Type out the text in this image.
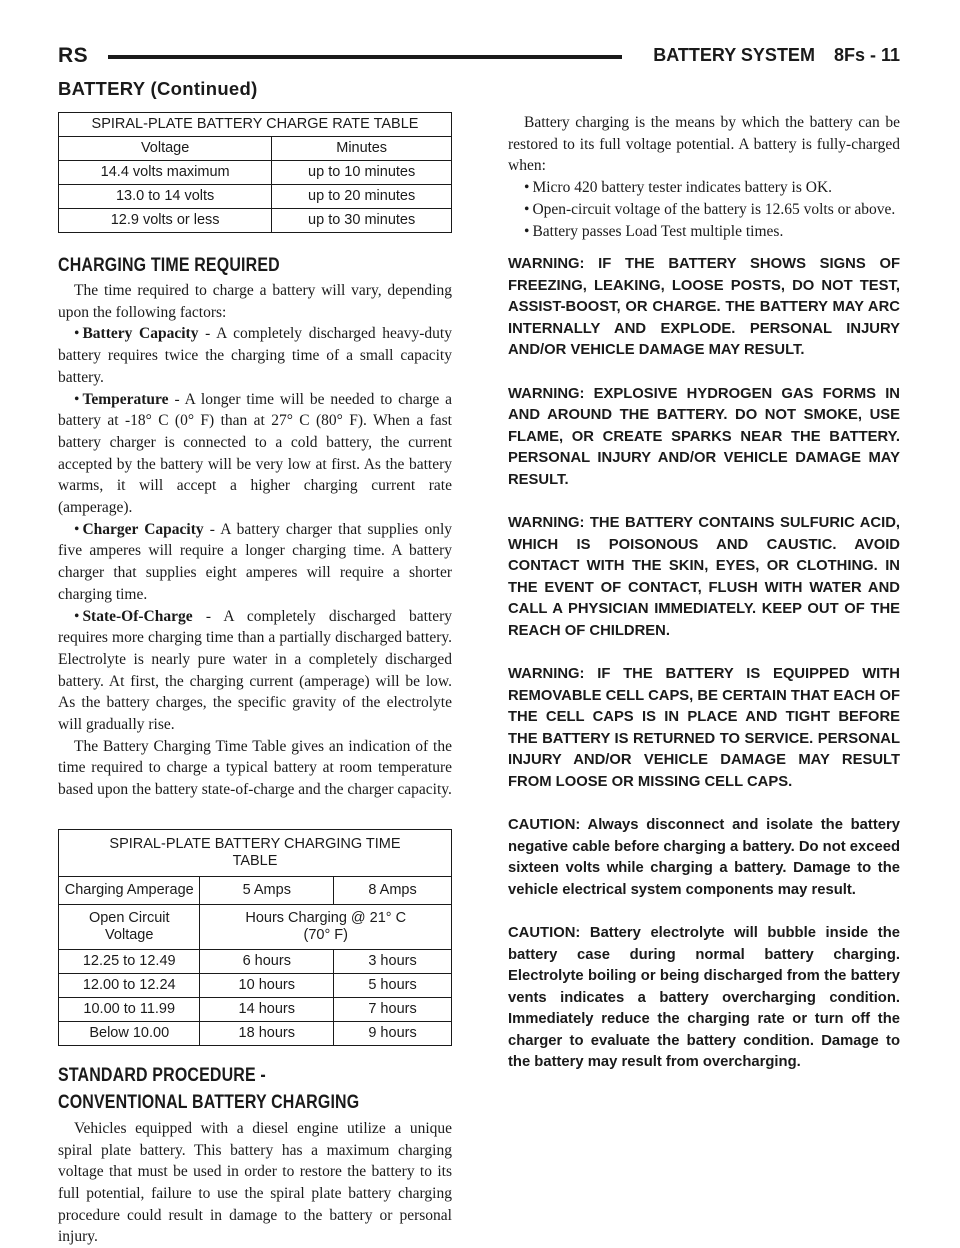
RS	BATTERY SYSTEM 8Fs - 11
BATTERY (Continued)
SPIRAL-PLATE BATTERY CHARGE RATE TABLE	
Voltage	Minutes
14.4 volts maximum	up to 10 minutes
13.0 to 14 volts	up to 20 minutes
12.9 volts or less	up to 30 minutes
CHARGING TIME REQUIRED

The time required to charge a battery will vary, depending upon the following factors:

• Battery Capacity - A completely discharged heavy-duty battery requires twice the charging time of a small capacity battery.

• Temperature - A longer time will be needed to charge a battery at -18° C (0° F) than at 27° C (80° F). When a fast battery charger is connected to a cold battery, the current accepted by the battery will be very low at first. As the battery warms, it will accept a higher charging current rate (amperage).

• Charger Capacity - A battery charger that supplies only five amperes will require a longer charging time. A battery charger that supplies eight amperes will require a shorter charging time.

• State-Of-Charge - A completely discharged battery requires more charging time than a partially discharged battery. Electrolyte is nearly pure water in a completely discharged battery. At first, the charging current (amperage) will be low. As the battery charges, the specific gravity of the electrolyte will gradually rise.

The Battery Charging Time Table gives an indication of the time required to charge a typical battery at room temperature based upon the battery state-of-charge and the charger capacity.

SPIRAL-PLATE BATTERY CHARGING TIME TABLE		
Charging Amperage	5 Amps	8 Amps
Open Circuit Voltage	Hours Charging @ 21° C (70° F)	
12.25 to 12.49	6 hours	3 hours
12.00 to 12.24	10 hours	5 hours
10.00 to 11.99	14 hours	7 hours
Below 10.00	18 hours	9 hours
STANDARD PROCEDURE - CONVENTIONAL BATTERY CHARGING

Vehicles equipped with a diesel engine utilize a unique spiral plate battery. This battery has a maximum charging voltage that must be used in order to restore the battery to its full potential, failure to use the spiral plate battery charging procedure could result in damage to the battery or personal injury.

Battery charging is the means by which the battery can be restored to its full voltage potential. A battery is fully-charged when:

• Micro 420 battery tester indicates battery is OK.

• Open-circuit voltage of the battery is 12.65 volts or above.

• Battery passes Load Test multiple times.

WARNING: IF THE BATTERY SHOWS SIGNS OF FREEZING, LEAKING, LOOSE POSTS, DO NOT TEST, ASSIST-BOOST, OR CHARGE. THE BATTERY MAY ARC INTERNALLY AND EXPLODE. PERSONAL INJURY AND/OR VEHICLE DAMAGE MAY RESULT.

WARNING: EXPLOSIVE HYDROGEN GAS FORMS IN AND AROUND THE BATTERY. DO NOT SMOKE, USE FLAME, OR CREATE SPARKS NEAR THE BATTERY. PERSONAL INJURY AND/OR VEHICLE DAMAGE MAY RESULT.

WARNING: THE BATTERY CONTAINS SULFURIC ACID, WHICH IS POISONOUS AND CAUSTIC. AVOID CONTACT WITH THE SKIN, EYES, OR CLOTHING. IN THE EVENT OF CONTACT, FLUSH WITH WATER AND CALL A PHYSICIAN IMMEDIATELY. KEEP OUT OF THE REACH OF CHILDREN.

WARNING: IF THE BATTERY IS EQUIPPED WITH REMOVABLE CELL CAPS, BE CERTAIN THAT EACH OF THE CELL CAPS IS IN PLACE AND TIGHT BEFORE THE BATTERY IS RETURNED TO SERVICE. PERSONAL INJURY AND/OR VEHICLE DAMAGE MAY RESULT FROM LOOSE OR MISSING CELL CAPS.

CAUTION: Always disconnect and isolate the battery negative cable before charging a battery. Do not exceed sixteen volts while charging a battery. Damage to the vehicle electrical system components may result.

CAUTION: Battery electrolyte will bubble inside the battery case during normal battery charging. Electrolyte boiling or being discharged from the battery vents indicates a battery overcharging condition. Immediately reduce the charging rate or turn off the charger to evaluate the battery condition. Damage to the battery may result from overcharging.
